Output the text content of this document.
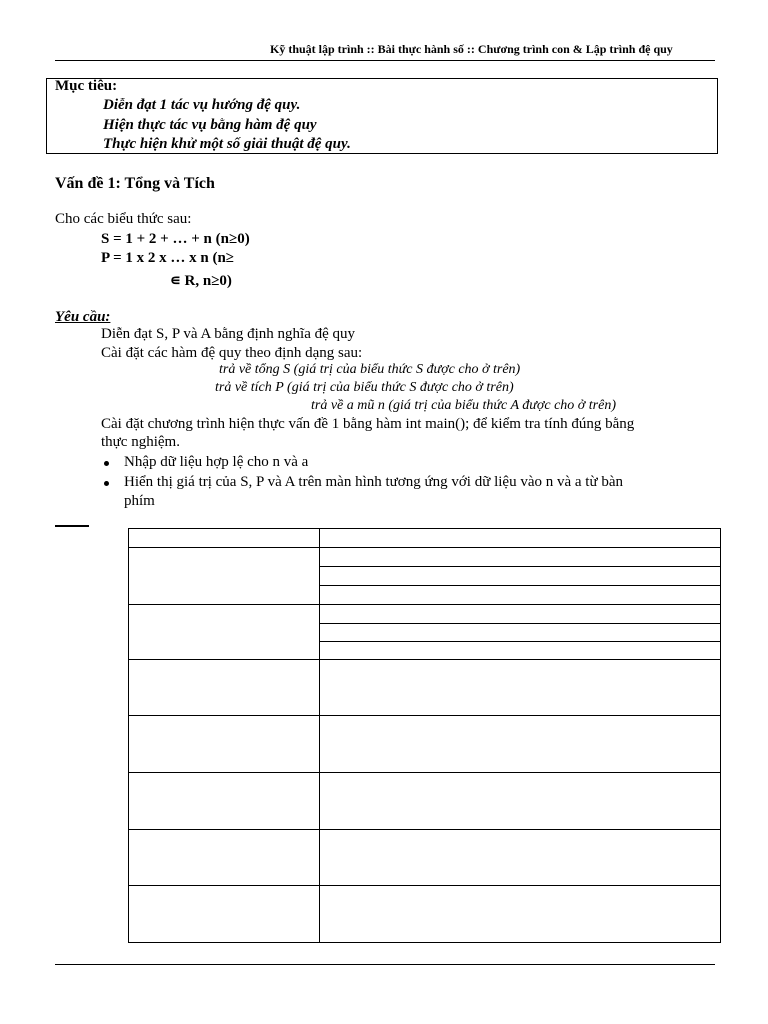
Kỹ thuật lập trình :: Bài thực hành số :: Chương trình con & Lập trình đệ quy
Mục tiêu:
Diễn đạt 1 tác vụ hướng đệ quy.
Hiện thực tác vụ bằng hàm đệ quy
Thực hiện khử một số giải thuật đệ quy.
Vấn đề 1: Tổng và Tích
Cho các biểu thức sau:
S = 1 + 2 + … + n (n≥0)
P = 1 x 2 x … x n (n≥
∊ R, n≥0)
Yêu cầu:
Diễn đạt S, P và A bằng định nghĩa đệ quy
Cài đặt các hàm đệ quy theo định dạng sau:
trả về tổng S (giá trị của biểu thức S được cho ở trên)
trả về tích P (giá trị của biểu thức S được cho ở trên)
trả về a mũ n (giá trị của biểu thức A được cho ở trên)
Cài đặt chương trình hiện thực vấn đề 1 bằng hàm int main(); để kiểm tra tính đúng bằng
thực nghiệm.
Nhập dữ liệu hợp lệ cho n và a
Hiển thị giá trị của S, P và A trên màn hình tương ứng với dữ liệu vào n và a từ bàn
phím
